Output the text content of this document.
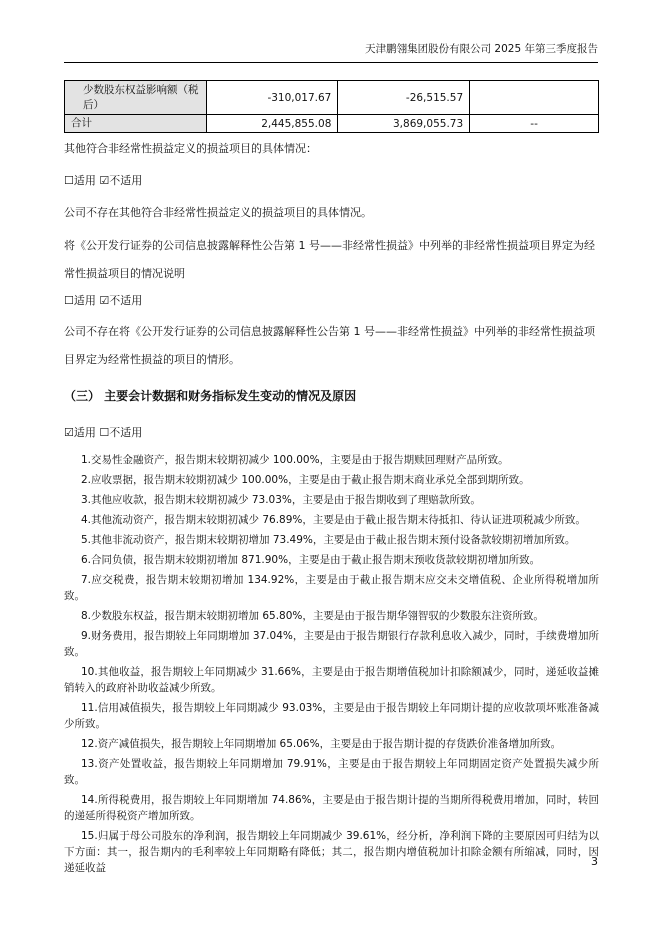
天津鹏翎集团股份有限公司 2025 年第三季度报告
少数股东权益影响额（税后）	-310,017.67	-26,515.57	
合计	2,445,855.08	3,869,055.73	--

其他符合非经常性损益定义的损益项目的具体情况：

☐适用 ☑不适用

公司不存在其他符合非经常性损益定义的损益项目的具体情况。

将《公开发行证券的公司信息披露解释性公告第 1 号——非经常性损益》中列举的非经常性损益项目界定为经常性损益项目的情况说明

☐适用 ☑不适用

公司不存在将《公开发行证券的公司信息披露解释性公告第 1 号——非经常性损益》中列举的非经常性损益项目界定为经常性损益的项目的情形。

（三） 主要会计数据和财务指标发生变动的情况及原因

☑适用 ☐不适用

1.交易性金融资产，报告期末较期初减少 100.00%，主要是由于报告期赎回理财产品所致。

2.应收票据，报告期末较期初减少 100.00%，主要是由于截止报告期末商业承兑全部到期所致。

3.其他应收款，报告期末较期初减少 73.03%，主要是由于报告期收到了理赔款所致。

4.其他流动资产，报告期末较期初减少 76.89%，主要是由于截止报告期末待抵扣、待认证进项税减少所致。

5.其他非流动资产，报告期末较期初增加 73.49%，主要是由于截止报告期末预付设备款较期初增加所致。

6.合同负债，报告期末较期初增加 871.90%，主要是由于截止报告期末预收货款较期初增加所致。

7.应交税费，报告期末较期初增加 134.92%，主要是由于截止报告期末应交未交增值税、企业所得税增加所致。

8.少数股东权益，报告期末较期初增加 65.80%，主要是由于报告期华翎智驭的少数股东注资所致。

9.财务费用，报告期较上年同期增加 37.04%，主要是由于报告期银行存款利息收入减少，同时，手续费增加所致。

10.其他收益，报告期较上年同期减少 31.66%，主要是由于报告期增值税加计扣除额减少，同时，递延收益摊销转入的政府补助收益减少所致。

11.信用减值损失，报告期较上年同期减少 93.03%，主要是由于报告期较上年同期计提的应收款项坏账准备减少所致。

12.资产减值损失，报告期较上年同期增加 65.06%，主要是由于报告期计提的存货跌价准备增加所致。

13.资产处置收益，报告期较上年同期增加 79.91%，主要是由于报告期较上年同期固定资产处置损失减少所致。

14.所得税费用，报告期较上年同期增加 74.86%，主要是由于报告期计提的当期所得税费用增加，同时，转回的递延所得税资产增加所致。

15.归属于母公司股东的净利润，报告期较上年同期减少 39.61%，经分析，净利润下降的主要原因可归结为以下方面：其一，报告期内的毛利率较上年同期略有降低；其二，报告期内增值税加计扣除金额有所缩减，同时，因递延收益	3
